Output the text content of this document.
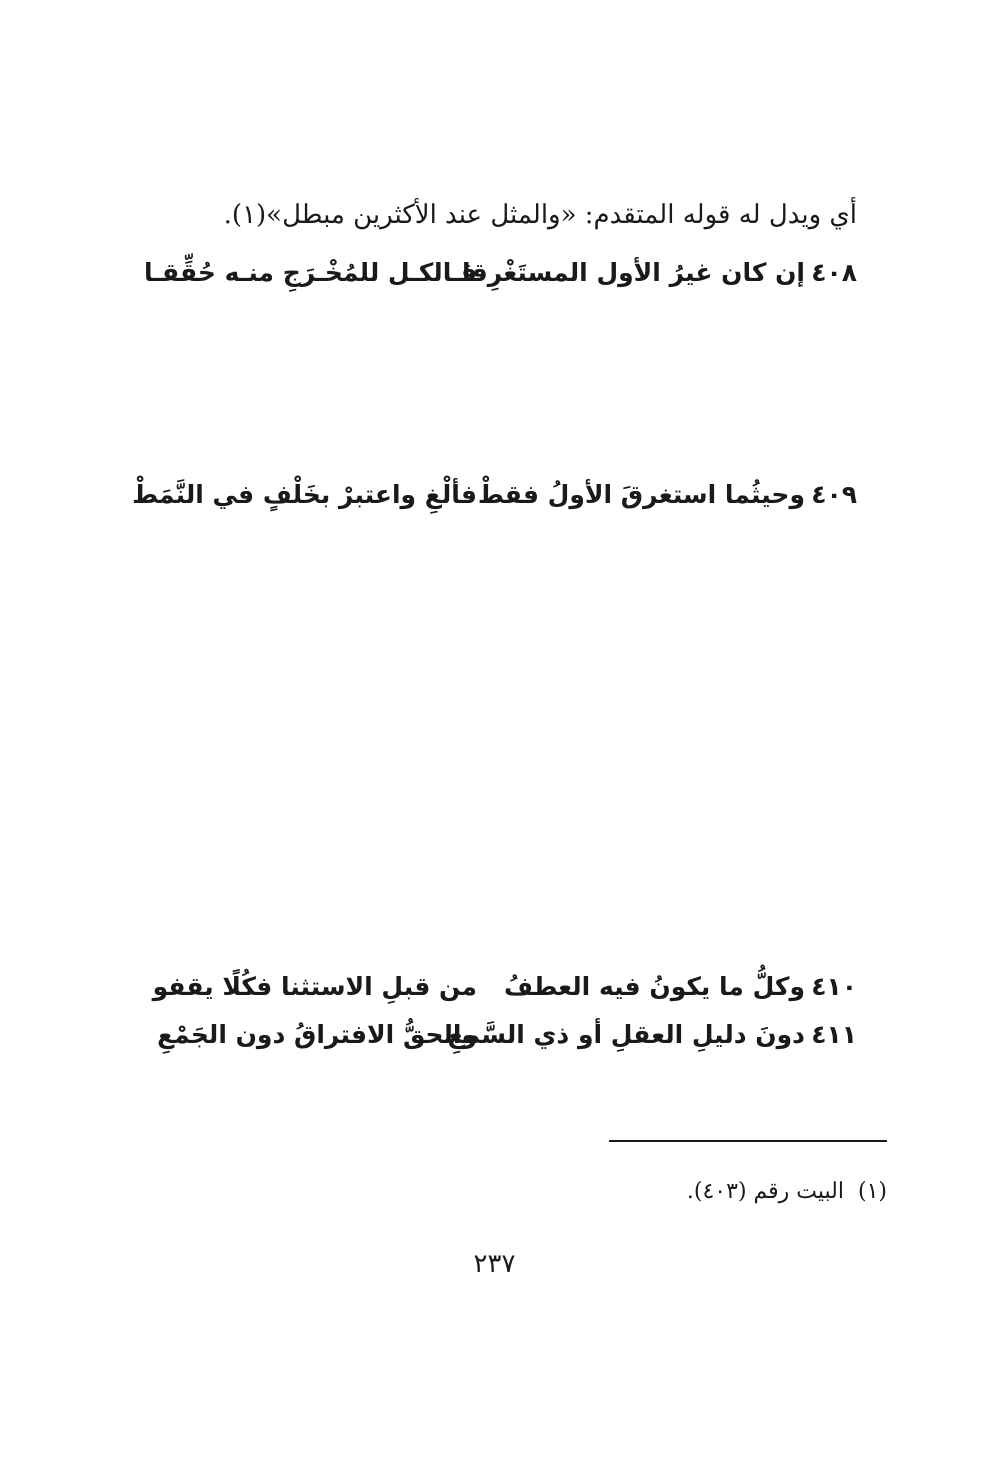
أي ويدل له قوله المتقدم: «والمثل عند الأكثرين مبطل»(١).
٤٠٨إن كان غيرُ الأول المستَغْرِقافـالكـل للمُخْـرَجِ منـه حُقِّقـا
٤٠٩وحيثُما استغرقَ الأولُ فقطْفألْغِ واعتبرْ بخَلْفٍ في النَّمَطْ
٤١٠وكلُّ ما يكونُ فيه العطفُمن قبلِ الاستثنا فكُلًا يقفو
٤١١دونَ دليلِ العقلِ أو ذي السَّمعِوالحقُّ الافتراقُ دون الجَمْعِ
(١)البيت رقم (٤٠٣).
٢٣٧
